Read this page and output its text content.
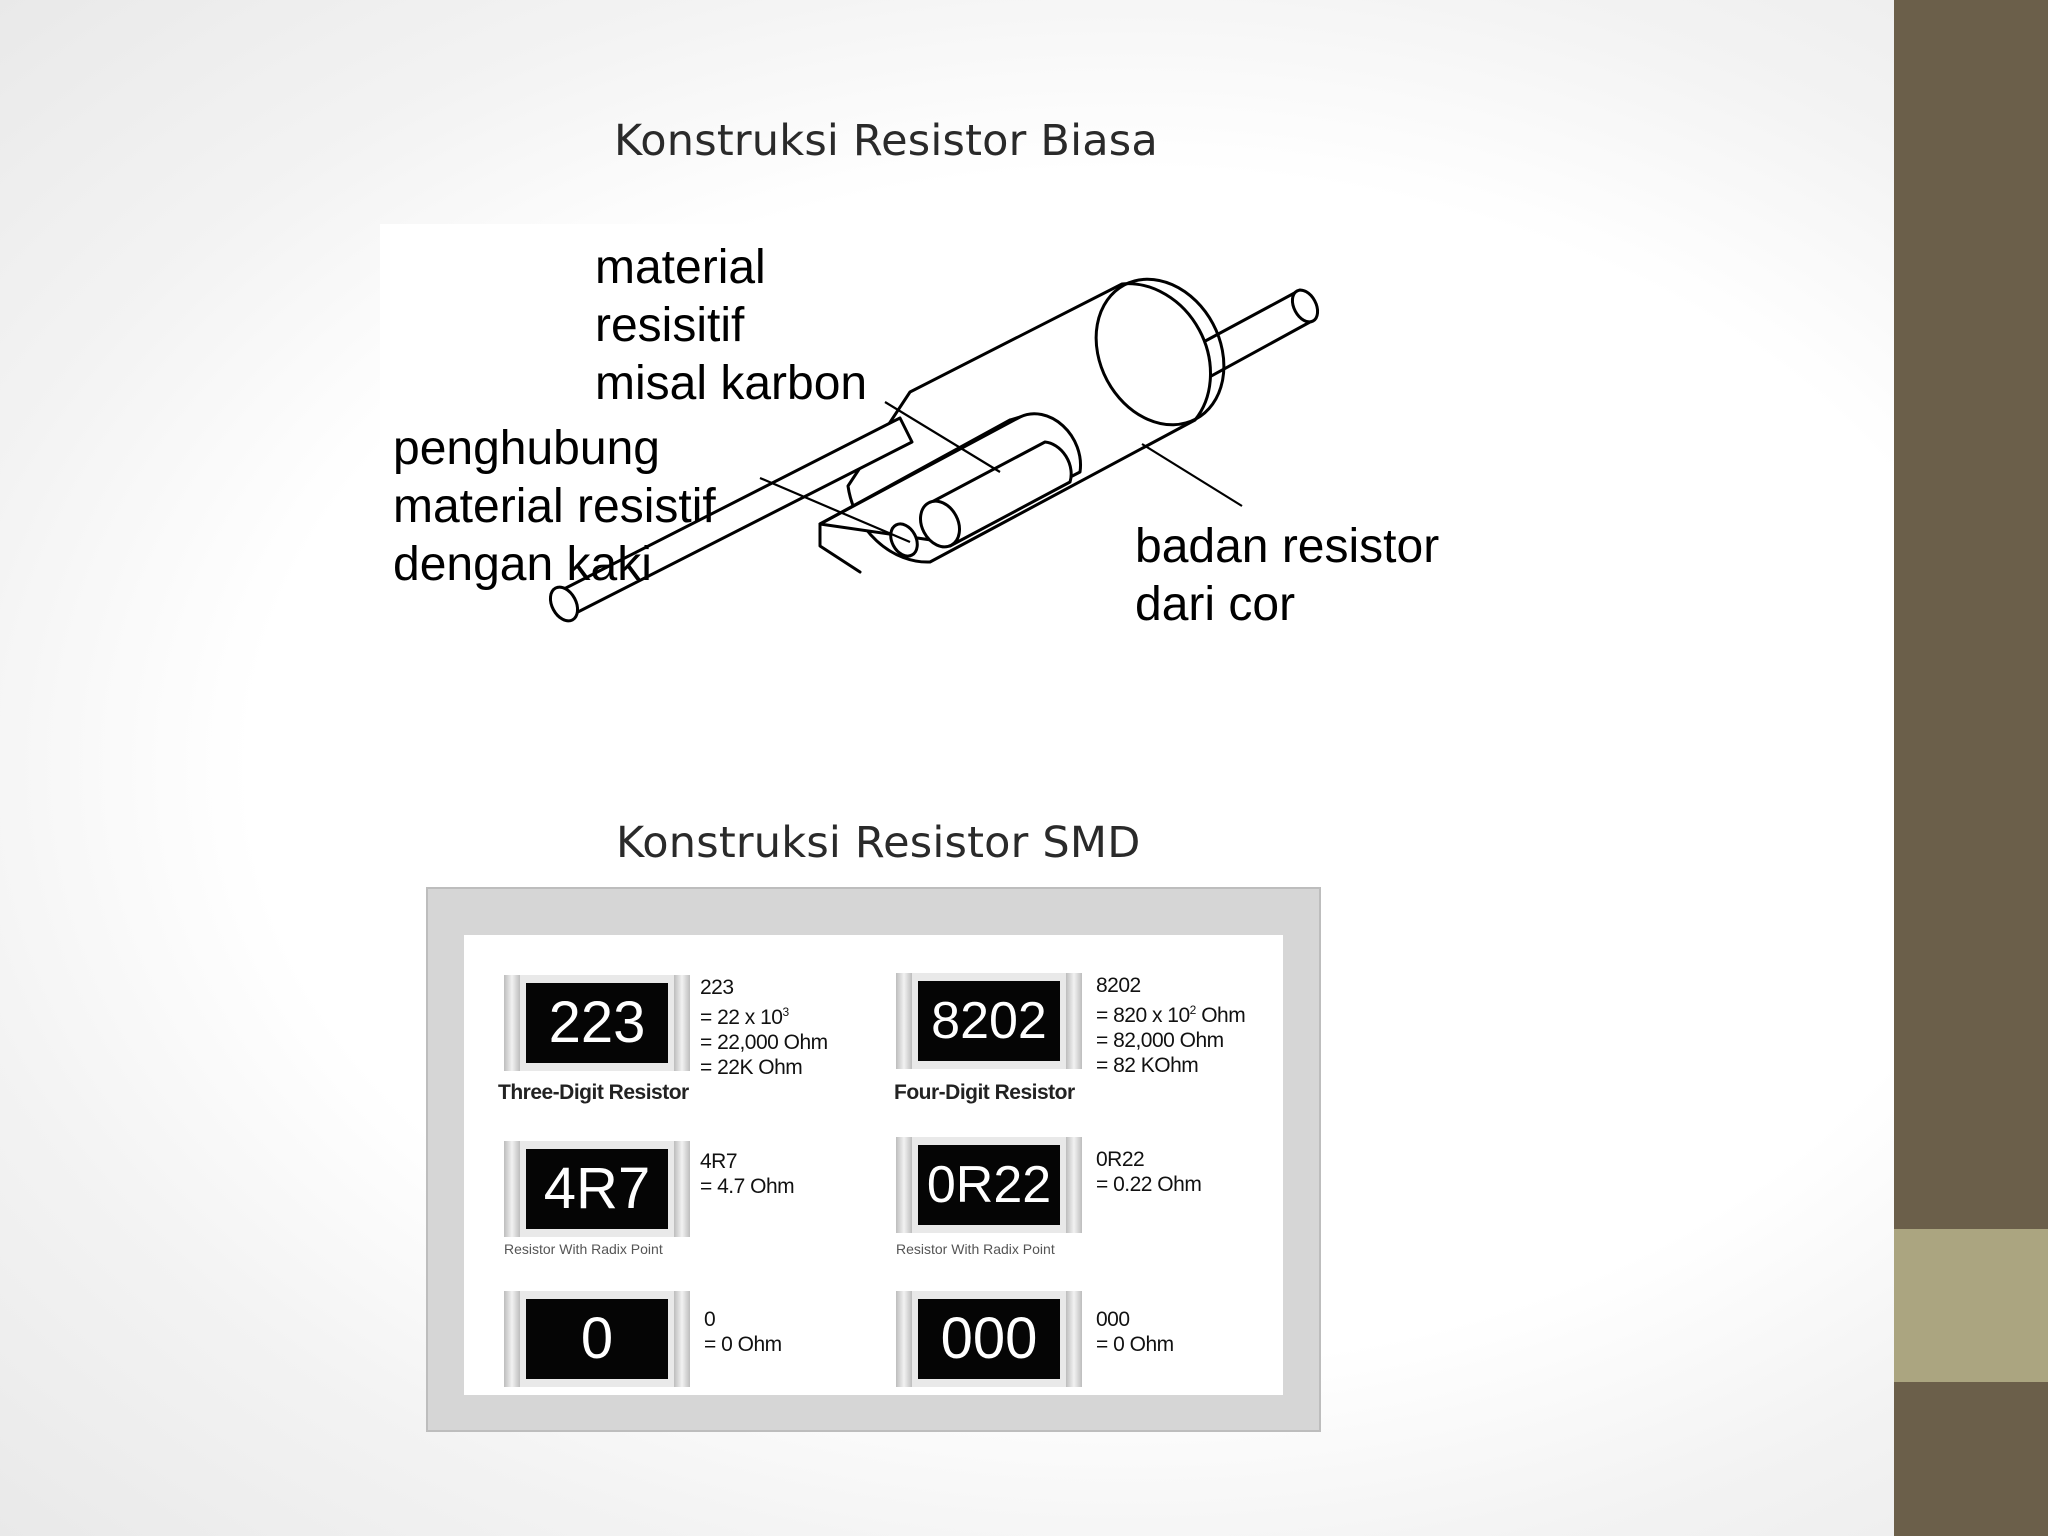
Konstruksi Resistor Biasa
material
resisitif
misal karbon
penghubung
material resistif
dengan kaki	badan resistor
dari cor
Konstruksi Resistor SMD
223
223
= 22 x $10^3$
= 22,000 Ohm
= 22K Ohm
Three-Digit Resistor
8202
8202
= 820 x $10^2$ Ohm
= 82,000 Ohm
= 82 KOhm
Four-Digit Resistor
4R7	4R7
= 4.7 Ohm
Resistor With Radix Point
0R22	0R22
= 0.22 Ohm
Resistor With Radix Point
0	0
= 0 Ohm	000	000
= 0 Ohm
